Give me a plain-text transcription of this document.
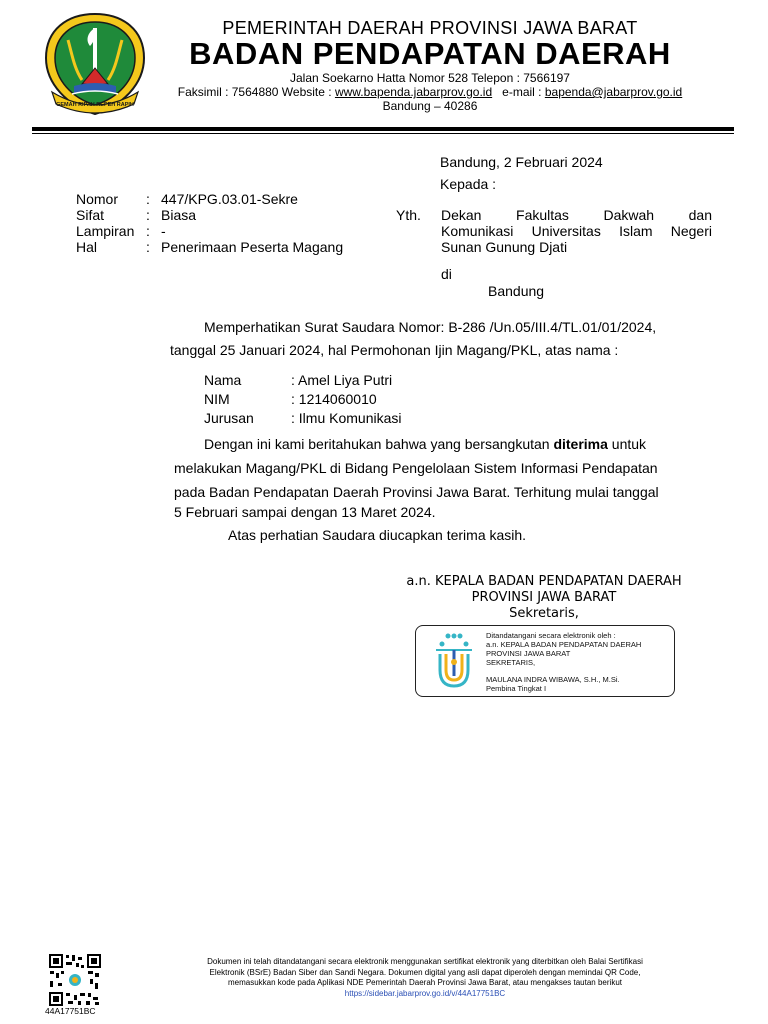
GEMAH RIPAH REPEH RAPIH
PEMERINTAH DAERAH PROVINSI JAWA BARAT
BADAN PENDAPATAN DAERAH
Jalan Soekarno Hatta Nomor 528 Telepon : 7566197
Faksimil : 7564880 Website : www.bapenda.jabarprov.go.id   e-mail : bapenda@jabarprov.go.id
Bandung – 40286
Bandung, 2 Februari 2024
Kepada :
Nomor	: 447/KPG.03.01-Sekre
Sifat	: Biasa
Lampiran : -
Hal	: Penerimaan Peserta Magang
Yth. Dekan Fakultas Dakwah dan
Komunikasi Universitas Islam Negeri
Sunan Gunung Djati
di
Bandung
Memperhatikan Surat Saudara Nomor: B-286 /Un.05/III.4/TL.01/01/2024,
tanggal 25 Januari 2024, hal Permohonan Ijin Magang/PKL, atas nama :
Nama	: Amel Liya Putri
NIM	: 1214060010
Jurusan	: Ilmu Komunikasi
Dengan ini kami beritahukan bahwa yang bersangkutan diterima untuk
melakukan Magang/PKL di Bidang Pengelolaan Sistem Informasi Pendapatan
pada Badan Pendapatan Daerah Provinsi Jawa Barat. Terhitung mulai tanggal
5 Februari sampai dengan 13 Maret 2024.
Atas perhatian Saudara diucapkan terima kasih.
a.n. KEPALA BADAN PENDAPATAN DAERAH
PROVINSI JAWA BARAT
Sekretaris,
Ditandatangani secara elektronik oleh :
a.n. KEPALA BADAN PENDAPATAN DAERAH
PROVINSI JAWA BARAT
SEKRETARIS,
MAULANA INDRA WIBAWA, S.H., M.Si.
Pembina Tingkat I
44A17751BC
Dokumen ini telah ditandatangani secara elektronik menggunakan sertifikat elektronik yang diterbitkan oleh Balai Sertifikasi
Elektronik (BSrE) Badan Siber dan Sandi Negara. Dokumen digital yang asli dapat diperoleh dengan memindai QR Code,
memasukkan kode pada Aplikasi NDE Pemerintah Daerah Provinsi Jawa Barat, atau mengakses tautan berikut
https://sidebar.jabarprov.go.id/v/44A17751BC
